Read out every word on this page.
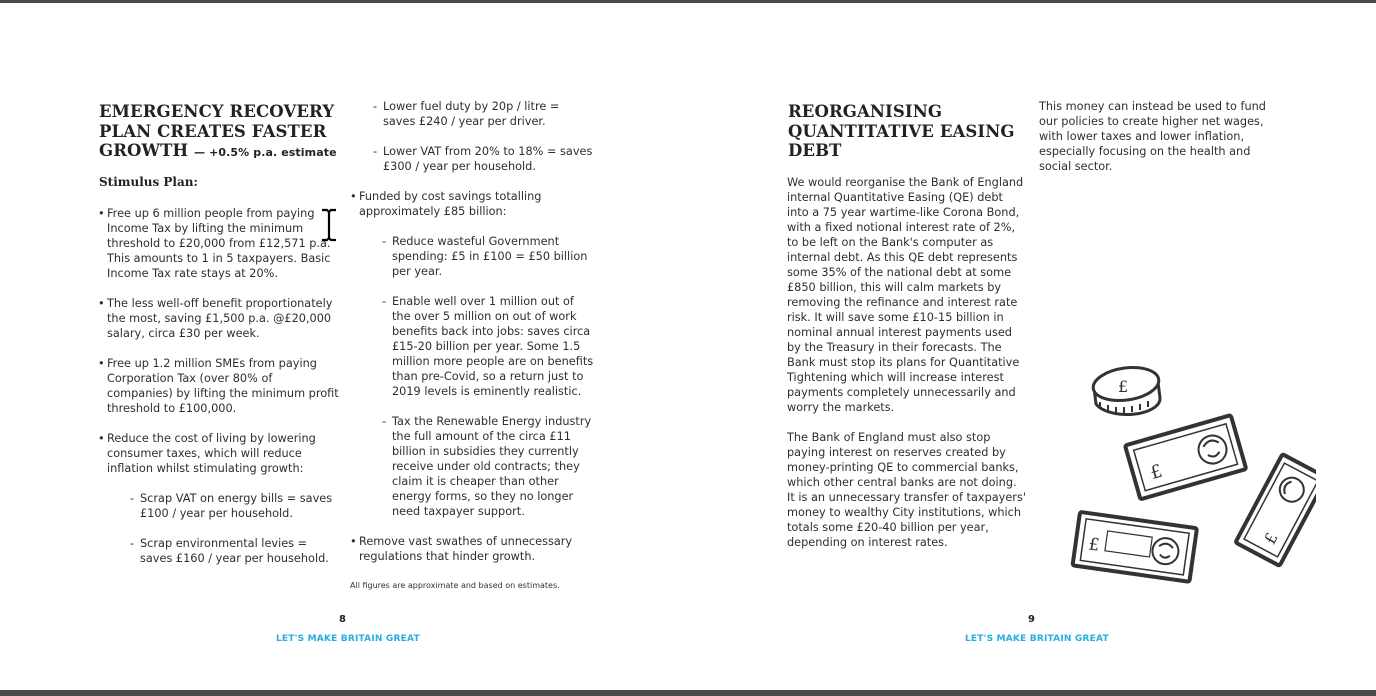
EMERGENCY RECOVERY
PLAN CREATES FASTER
GROWTH — +0.5% p.a. estimate
Stimulus Plan:
• Free up 6 million people from paying Income Tax by lifting the minimum threshold to £20,000 from £12,571 p.a. This amounts to 1 in 5 taxpayers. Basic Income Tax rate stays at 20%.
• The less well-off benefit proportionately the most, saving £1,500 p.a. @£20,000 salary, circa £30 per week.
• Free up 1.2 million SMEs from paying Corporation Tax (over 80% of companies) by lifting the minimum profit threshold to £100,000.
• Reduce the cost of living by lowering consumer taxes, which will reduce inflation whilst stimulating growth:
- Scrap VAT on energy bills = saves £100 / year per household.
- Scrap environmental levies = saves £160 / year per household.
- Lower fuel duty by 20p / litre = saves £240 / year per driver.
- Lower VAT from 20% to 18% = saves £300 / year per household.
• Funded by cost savings totalling approximately £85 billion:
- Reduce wasteful Government spending: £5 in £100 = £50 billion per year.
- Enable well over 1 million out of the over 5 million on out of work benefits back into jobs: saves circa £15-20 billion per year. Some 1.5 million more people are on benefits than pre-Covid, so a return just to 2019 levels is eminently realistic.
- Tax the Renewable Energy industry the full amount of the circa £11 billion in subsidies they currently receive under old contracts; they claim it is cheaper than other energy forms, so they no longer need taxpayer support.
• Remove vast swathes of unnecessary regulations that hinder growth.
All figures are approximate and based on estimates.
8
LET'S MAKE BRITAIN GREAT
REORGANISING
QUANTITATIVE EASING
DEBT

We would reorganise the Bank of England internal Quantitative Easing (QE) debt into a 75 year wartime-like Corona Bond, with a fixed notional interest rate of 2%, to be left on the Bank's computer as internal debt. As this QE debt represents some 35% of the national debt at some £850 billion, this will calm markets by removing the refinance and interest rate risk. It will save some £10-15 billion in nominal annual interest payments used by the Treasury in their forecasts. The Bank must stop its plans for Quantitative Tightening which will increase interest payments completely unnecessarily and worry the markets.

The Bank of England must also stop paying interest on reserves created by money-printing QE to commercial banks, which other central banks are not doing. It is an unnecessary transfer of taxpayers' money to wealthy City institutions, which totals some £20-40 billion per year, depending on interest rates.

This money can instead be used to fund our policies to create higher net wages, with lower taxes and lower inflation, especially focusing on the health and social sector.

£
£
£
£
9
LET'S MAKE BRITAIN GREAT
